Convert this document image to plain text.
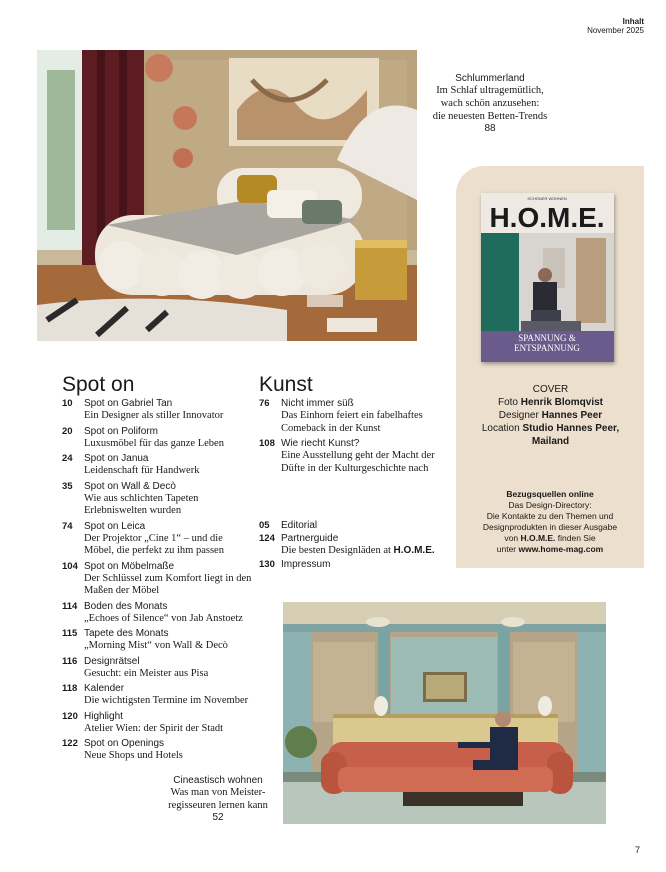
Inhalt
November 2025
Schlummerland
Im Schlaf ultragemütlich,
wach schön anzusehen:
die neuesten Betten-Trends
88
SCHÖNER WOHNEN
H.O.M.E.
SPANNUNG &
ENTSPANNUNG
COVER
Foto Henrik Blomqvist
Designer Hannes Peer
Location Studio Hannes Peer,
Mailand
Bezugsquellen online
Das Design-Directory:
Die Kontakte zu den Themen und
Designprodukten in dieser Ausgabe
von H.O.M.E. finden Sie
unter www.home-mag.com
Spot on	Kunst
10 Spot on Gabriel Tan
Ein Designer als stiller Innovator
20 Spot on Poliform
Luxusmöbel für das ganze Leben
24 Spot on Janua
Leidenschaft für Handwerk
35 Spot on Wall & Decò
Wie aus schlichten Tapeten Erlebniswelten wurden
74 Spot on Leica
Der Projektor „Cine 1“ – und die Möbel, die perfekt zu ihm passen
104 Spot on Möbelmaße
Der Schlüssel zum Komfort liegt in den Maßen der Möbel
114 Boden des Monats
„Echoes of Silence“ von Jab Anstoetz
115 Tapete des Monats
„Morning Mist“ von Wall & Decò
116 Designrätsel
Gesucht: ein Meister aus Pisa
118 Kalender
Die wichtigsten Termine im November
120 Highlight
Atelier Wien: der Spirit der Stadt
122 Spot on Openings
Neue Shops und Hotels
76 Nicht immer süß
Das Einhorn feiert ein fabelhaftes Comeback in der Kunst
108 Wie riecht Kunst?
Eine Ausstellung geht der Macht der Düfte in der Kulturgeschichte nach
05 Editorial
124 Partnerguide
Die besten Designläden at H.O.M.E.
130 Impressum
Cineastisch wohnen
Was man von Meister-
regisseuren lernen kann
52
7
